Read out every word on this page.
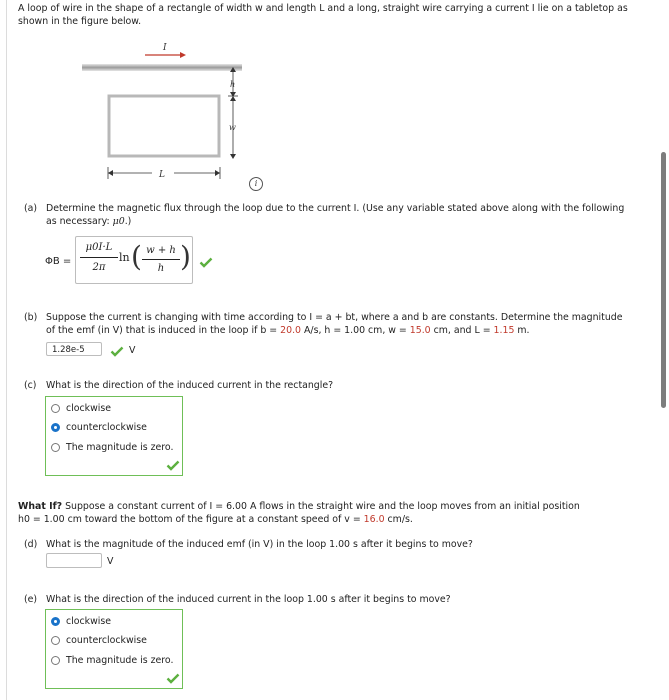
A loop of wire in the shape of a rectangle of width w and length L and a long, straight wire carrying a current I lie on a tabletop as
shown in the figure below.
I
h
w
L
i
(a) Determine the magnetic flux through the loop due to the current I. (Use any variable stated above along with the following
as necessary: μ0.)
ΦB =
μ0I·L
2π
ln ( w + h
h )
(b) Suppose the current is changing with time according to I = a + bt, where a and b are constants. Determine the magnitude
of the emf (in V) that is induced in the loop if b = 20.0 A/s, h = 1.00 cm, w = 15.0 cm, and L = 1.15 m.
1.28e-5	V
(c) What is the direction of the induced current in the rectangle?
clockwise
counterclockwise
The magnitude is zero.
What If? Suppose a constant current of I = 6.00 A flows in the straight wire and the loop moves from an initial position
h0 = 1.00 cm toward the bottom of the figure at a constant speed of v = 16.0 cm/s.
(d) What is the magnitude of the induced emf (in V) in the loop 1.00 s after it begins to move?
V
(e) What is the direction of the induced current in the loop 1.00 s after it begins to move?
clockwise
counterclockwise
The magnitude is zero.
